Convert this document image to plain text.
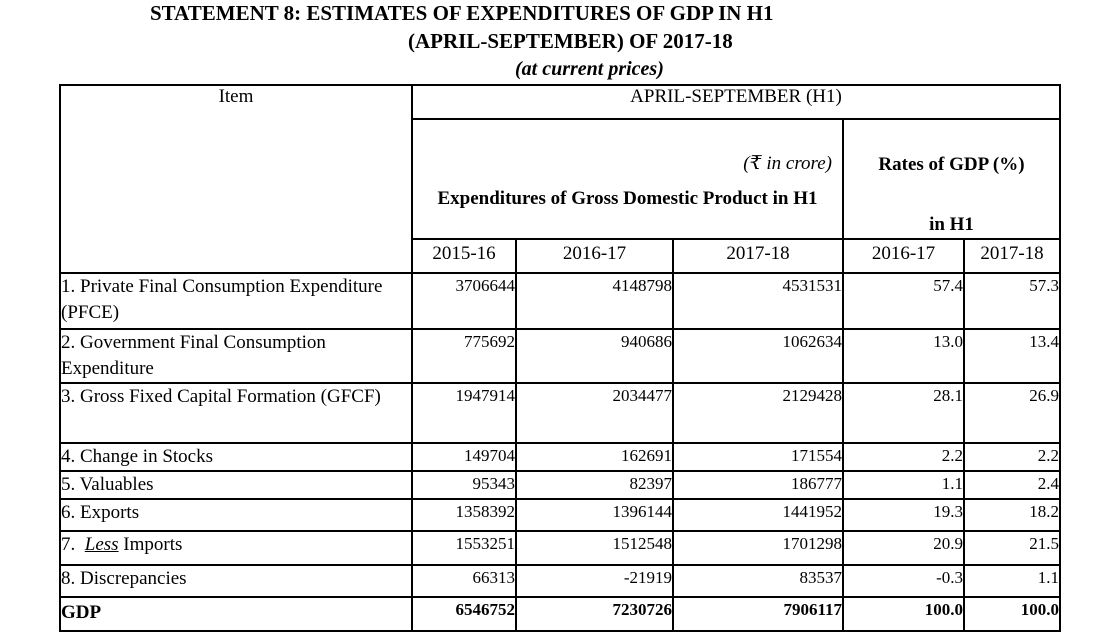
STATEMENT 8: ESTIMATES OF EXPENDITURES OF GDP IN H1
(APRIL-SEPTEMBER) OF 2017-18
(at current prices)
Item	APRIL-SEPTEMBER (H1)				

	(₹ in crore)
Expenditures of Gross Domestic Product in H1			Rates of GDP (%)
in H1	

	2015-16	2016-17	2017-18	2016-17	2017-18
1. Private Final Consumption Expenditure (PFCE)	3706644	4148798	4531531	57.4	57.3
2. Government Final Consumption Expenditure	775692	940686	1062634	13.0	13.4
3. Gross Fixed Capital Formation (GFCF)	1947914	2034477	2129428	28.1	26.9
4. Change in Stocks	149704	162691	171554	2.2	2.2
5. Valuables	95343	82397	186777	1.1	2.4
6. Exports	1358392	1396144	1441952	19.3	18.2
7.  Less Imports	1553251	1512548	1701298	20.9	21.5
8. Discrepancies	66313	-21919	83537	-0.3	1.1
GDP	6546752	7230726	7906117	100.0	100.0
